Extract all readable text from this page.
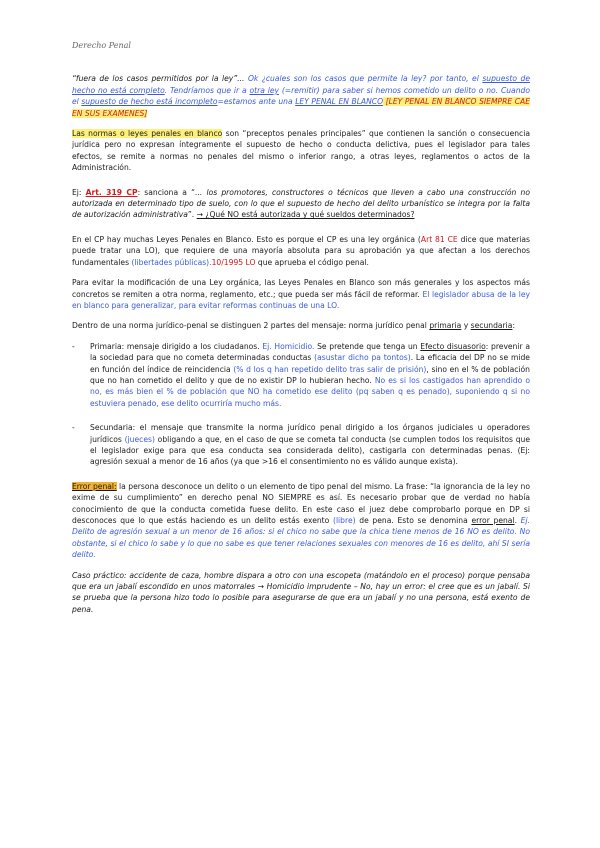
Derecho Penal

“fuera de los casos permitidos por la ley”... Ok ¿cuales son los casos que permite la ley? por tanto, el supuesto de hecho no está completo. Tendríamos que ir a otra ley (=remitir) para saber si hemos cometido un delito o no. Cuando el supuesto de hecho está incompleto=estamos ante una LEY PENAL EN BLANCO [LEY PENAL EN BLANCO SIEMPRE CAE EN SUS EXAMENES]

Las normas o leyes penales en blanco son “preceptos penales principales” que contienen la sanción o consecuencia jurídica pero no expresan íntegramente el supuesto de hecho o conducta delictiva, pues el legislador para tales efectos, se remite a normas no penales del mismo o inferior rango, a otras leyes, reglamentos o actos de la Administración.

Ej: Art. 319 CP: sanciona a “... los promotores, constructores o técnicos que lleven a cabo una construcción no autorizada en determinado tipo de suelo, con lo que el supuesto de hecho del delito urbanístico se integra por la falta de autorización administrativa”. → ¿Qué NO está autorizada y qué sueldos determinados?

En el CP hay muchas Leyes Penales en Blanco. Esto es porque el CP es una ley orgánica (Art 81 CE dice que materias puede tratar una LO), que requiere de una mayoría absoluta para su aprobación ya que afectan a los derechos fundamentales (libertades públicas).10/1995 LO que aprueba el código penal.

Para evitar la modificación de una Ley orgánica, las Leyes Penales en Blanco son más generales y los aspectos más concretos se remiten a otra norma, reglamento, etc.; que pueda ser más fácil de reformar. El legislador abusa de la ley en blanco para generalizar, para evitar reformas continuas de una LO.

Dentro de una norma jurídico-penal se distinguen 2 partes del mensaje: norma jurídico penal primaria y secundaria:

- Primaria: mensaje dirigido a los ciudadanos. Ej. Homicidio. Se pretende que tenga un Efecto disuasorio: prevenir a la sociedad para que no cometa determinadas conductas (asustar dicho pa tontos). La eficacia del DP no se mide en función del índice de reincidencia (% d los q han repetido delito tras salir de prisión), sino en el % de población que no han cometido el delito y que de no existir DP lo hubieran hecho. No es si los castigados han aprendido o no, es más bien el % de población que NO ha cometido ese delito (pq saben q es penado), suponiendo q si no estuviera penado, ese delito ocurriría mucho más.
- Secundaria: el mensaje que transmite la norma jurídico penal dirigido a los órganos judiciales u operadores jurídicos (jueces) obligando a que, en el caso de que se cometa tal conducta (se cumplen todos los requisitos que el legislador exige para que esa conducta sea considerada delito), castigarla con determinadas penas. (Ej: agresión sexual a menor de 16 años (ya que >16 el consentimiento no es válido aunque exista).

Error penal: la persona desconoce un delito o un elemento de tipo penal del mismo. La frase: “la ignorancia de la ley no exime de su cumplimiento” en derecho penal NO SIEMPRE es así. Es necesario probar que de verdad no había conocimiento de que la conducta cometida fuese delito. En este caso el juez debe comprobarlo porque en DP si desconoces que lo que estás haciendo es un delito estás exento (libre) de pena. Esto se denomina error penal. Ej. Delito de agresión sexual a un menor de 16 años: si el chico no sabe que la chica tiene menos de 16 NO es delito. No obstante, si el chico lo sabe y lo que no sabe es que tener relaciones sexuales con menores de 16 es delito, ahí SI sería delito.

Caso práctico: accidente de caza, hombre dispara a otro con una escopeta (matándolo en el proceso) porque pensaba que era un jabalí escondido en unos matorrales → Homicidio imprudente – No, hay un error: el cree que es un jabalí. Si se prueba que la persona hizo todo lo posible para asegurarse de que era un jabalí y no una persona, está exento de pena.
